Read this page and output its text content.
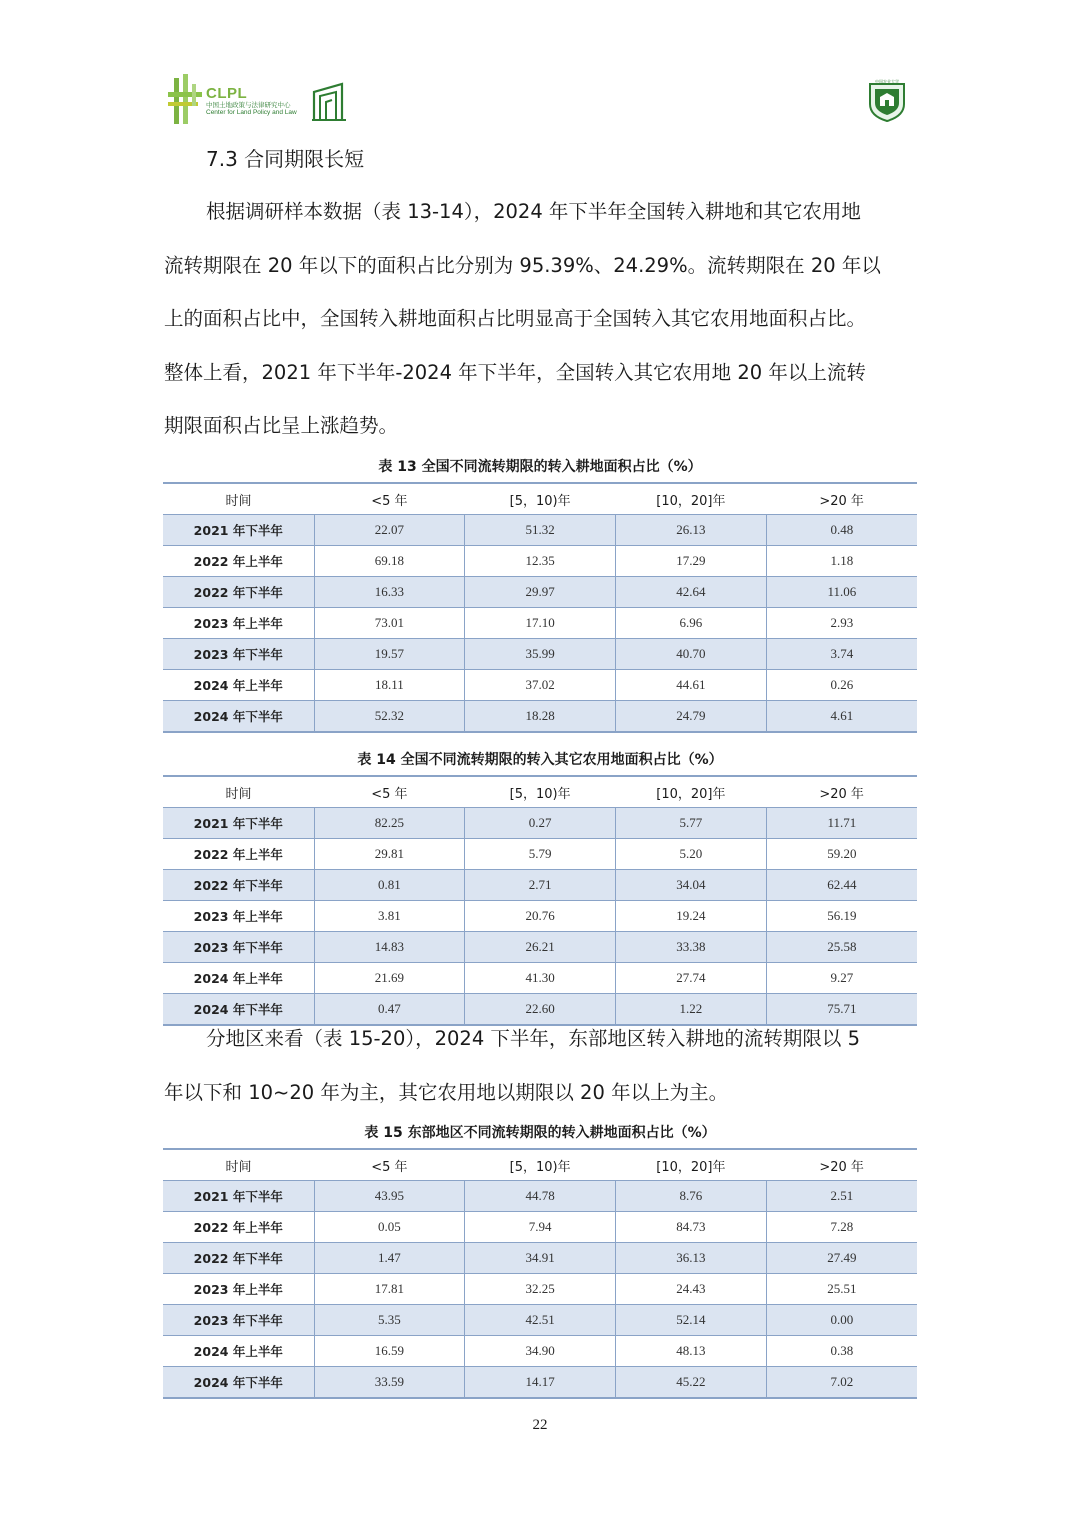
CLPL
中国土地政策与法律研究中心
Center for Land Policy and Law
中国农业大学
7.3 合同期限长短
根据调研样本数据（表 13-14），2024 年下半年全国转入耕地和其它农用地
流转期限在 20 年以下的面积占比分别为 95.39%、24.29%。流转期限在 20 年以
上的面积占比中，全国转入耕地面积占比明显高于全国转入其它农用地面积占比。
整体上看，2021 年下半年-2024 年下半年，全国转入其它农用地 20 年以上流转
期限面积占比呈上涨趋势。
表 13 全国不同流转期限的转入耕地面积占比（%）
时间	<5 年	[5，10)年	[10，20]年	>20 年
2021 年下半年	22.07	51.32	26.13	0.48
2022 年上半年	69.18	12.35	17.29	1.18
2022 年下半年	16.33	29.97	42.64	11.06
2023 年上半年	73.01	17.10	6.96	2.93
2023 年下半年	19.57	35.99	40.70	3.74
2024 年上半年	18.11	37.02	44.61	0.26
2024 年下半年	52.32	18.28	24.79	4.61
表 14 全国不同流转期限的转入其它农用地面积占比（%）
时间	<5 年	[5，10)年	[10，20]年	>20 年
2021 年下半年	82.25	0.27	5.77	11.71
2022 年上半年	29.81	5.79	5.20	59.20
2022 年下半年	0.81	2.71	34.04	62.44
2023 年上半年	3.81	20.76	19.24	56.19
2023 年下半年	14.83	26.21	33.38	25.58
2024 年上半年	21.69	41.30	27.74	9.27
2024 年下半年	0.47	22.60	1.22	75.71
分地区来看（表 15-20），2024 下半年，东部地区转入耕地的流转期限以 5
年以下和 10~20 年为主，其它农用地以期限以 20 年以上为主。
表 15 东部地区不同流转期限的转入耕地面积占比（%）
时间	<5 年	[5，10)年	[10，20]年	>20 年
2021 年下半年	43.95	44.78	8.76	2.51
2022 年上半年	0.05	7.94	84.73	7.28
2022 年下半年	1.47	34.91	36.13	27.49
2023 年上半年	17.81	32.25	24.43	25.51
2023 年下半年	5.35	42.51	52.14	0.00
2024 年上半年	16.59	34.90	48.13	0.38
2024 年下半年	33.59	14.17	45.22	7.02
22
